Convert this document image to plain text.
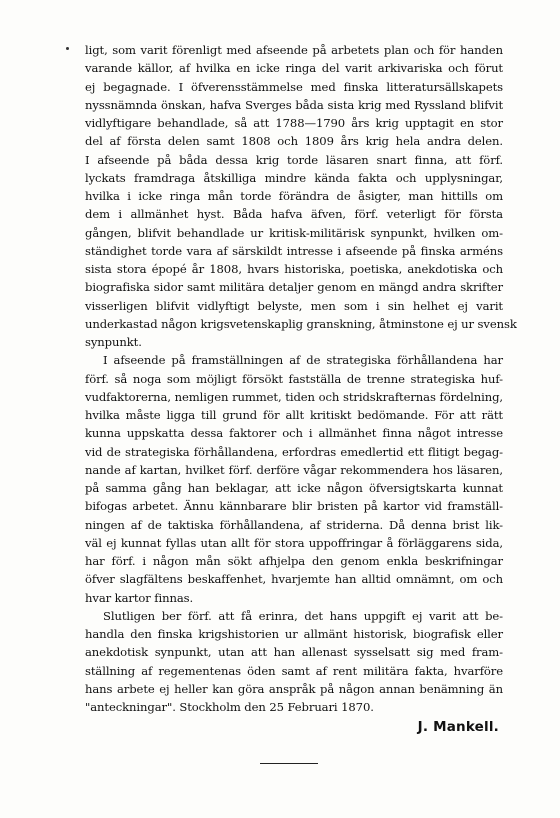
ligt, som varit förenligt med afseende på arbetets plan och för handen
varande källor, af hvilka en icke ringa del varit arkivariska och förut
ej begagnade. I öfverensstämmelse med finska litteratursällskapets
nyssnämnda önskan, hafva Sverges båda sista krig med Ryssland blifvit
vidlyftigare behandlade, så att 1788—1790 års krig upptagit en stor
del af första delen samt 1808 och 1809 års krig hela andra delen.
I afseende på båda dessa krig torde läsaren snart finna, att förf.
lyckats framdraga åtskilliga mindre kända fakta och upplysningar,
hvilka i icke ringa mån torde förändra de åsigter, man hittills om
dem i allmänhet hyst. Båda hafva äfven, förf. veterligt för första
gången, blifvit behandlade ur kritisk-militärisk synpunkt, hvilken om-
ständighet torde vara af särskildt intresse i afseende på finska arméns
sista stora épopé år 1808, hvars historiska, poetiska, anekdotiska och
biografiska sidor samt militära detaljer genom en mängd andra skrifter
visserligen blifvit vidlyftigt belyste, men som i sin helhet ej varit
underkastad någon krigsvetenskaplig granskning, åtminstone ej ur svensk
synpunkt.
I afseende på framställningen af de strategiska förhållandena har
förf. så noga som möjligt försökt fastställa de trenne strategiska huf-
vudfaktorerna, nemligen rummet, tiden och stridskrafternas fördelning,
hvilka måste ligga till grund för allt kritiskt bedömande. För att rätt
kunna uppskatta dessa faktorer och i allmänhet finna något intresse
vid de strategiska förhållandena, erfordras emedlertid ett flitigt begag-
nande af kartan, hvilket förf. derföre vågar rekommendera hos läsaren,
på samma gång han beklagar, att icke någon öfversigtskarta kunnat
bifogas arbetet. Ännu kännbarare blir bristen på kartor vid framställ-
ningen af de taktiska förhållandena, af striderna. Då denna brist lik-
väl ej kunnat fyllas utan allt för stora uppoffringar å förläggarens sida,
har förf. i någon mån sökt afhjelpa den genom enkla beskrifningar
öfver slagfältens beskaffenhet, hvarjemte han alltid omnämnt, om och
hvar kartor finnas.
Slutligen ber förf. att få erinra, det hans uppgift ej varit att be-
handla den finska krigshistorien ur allmänt historisk, biografisk eller
anekdotisk synpunkt, utan att han allenast sysselsatt sig med fram-
ställning af regementenas öden samt af rent militära fakta, hvarföre
hans arbete ej heller kan göra anspråk på någon annan benämning än
"anteckningar". Stockholm den 25 Februari 1870.
J. Mankell.
